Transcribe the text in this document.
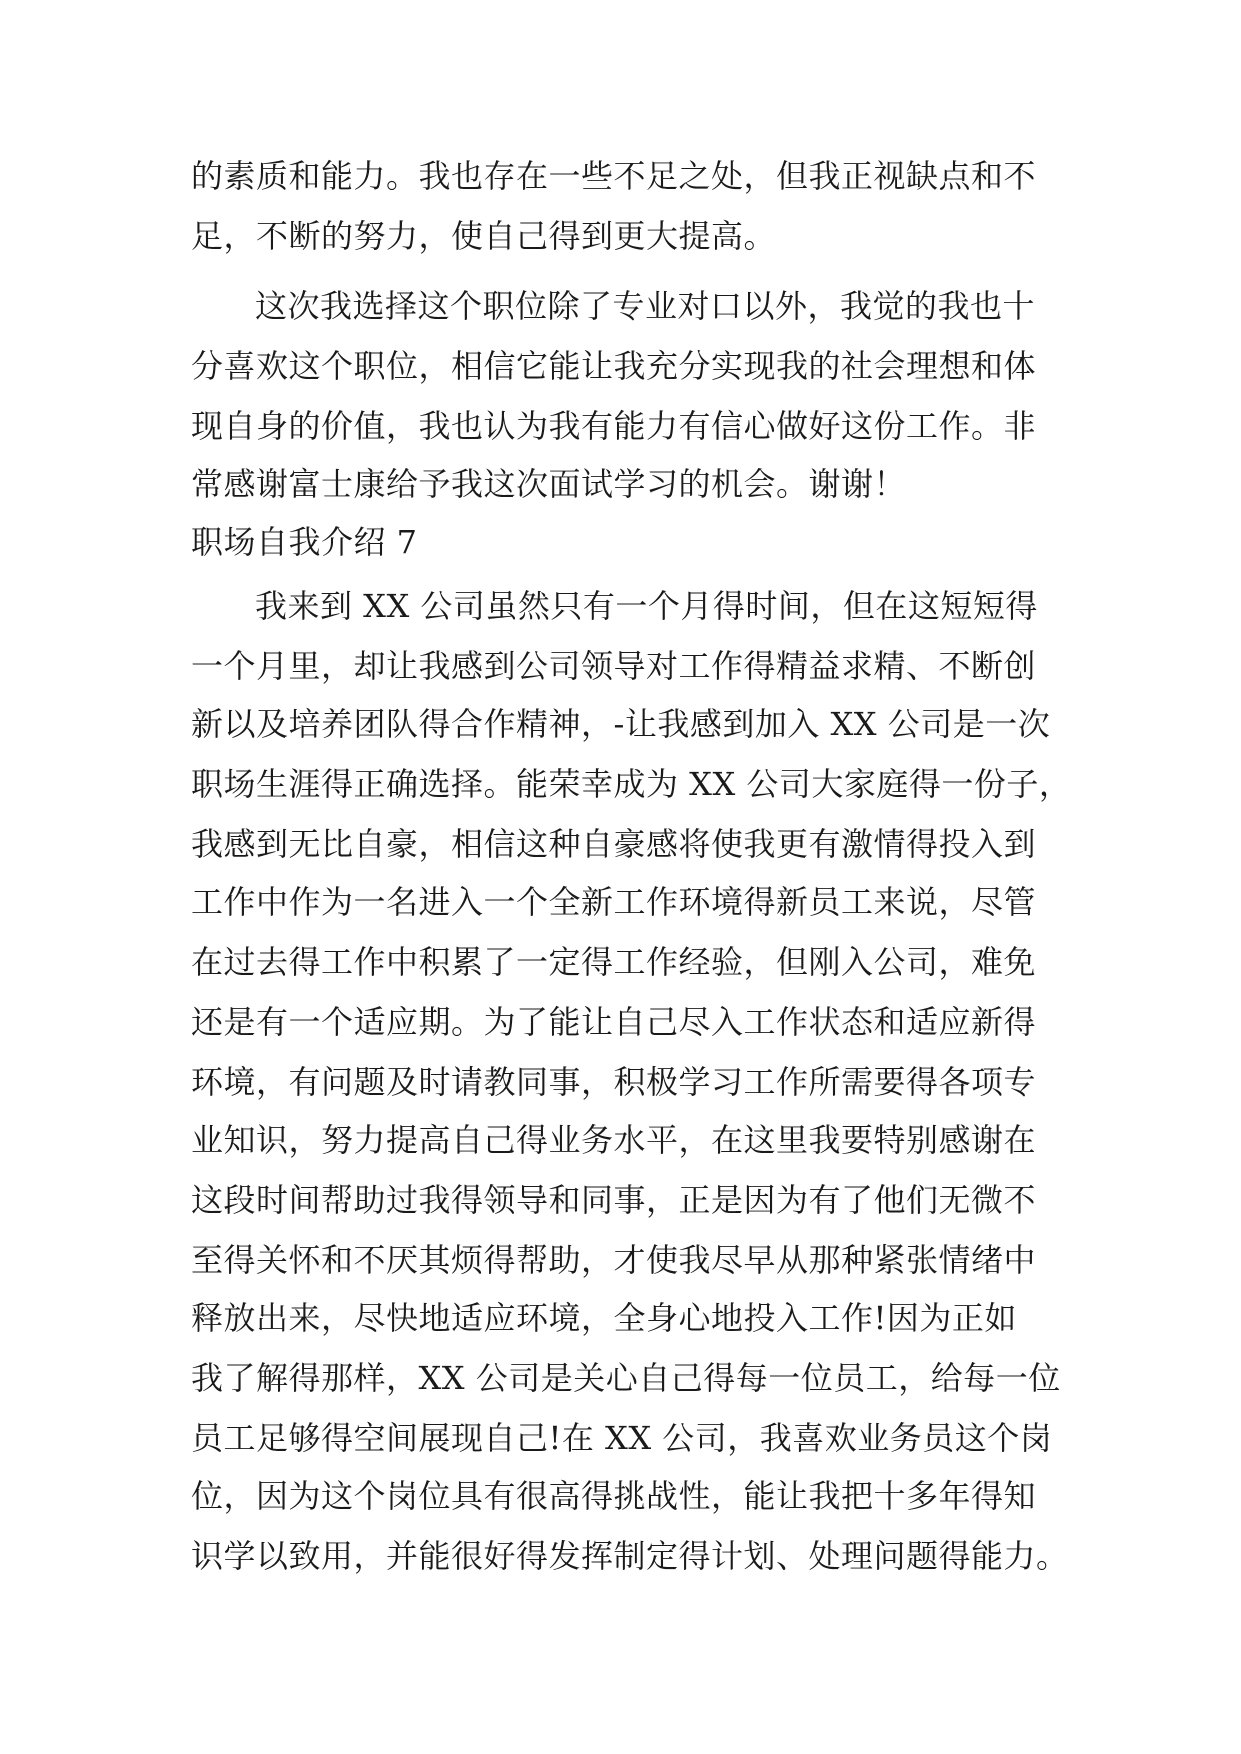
的素质和能力。我也存在一些不足之处，但我正视缺点和不
足，不断的努力，使自己得到更大提高。
这次我选择这个职位除了专业对口以外，我觉的我也十
分喜欢这个职位，相信它能让我充分实现我的社会理想和体
现自身的价值，我也认为我有能力有信心做好这份工作。非
常感谢富士康给予我这次面试学习的机会。谢谢！
职场自我介绍 7
我来到 XX 公司虽然只有一个月得时间，但在这短短得
一个月里，却让我感到公司领导对工作得精益求精、不断创
新以及培养团队得合作精神，-让我感到加入 XX 公司是一次
职场生涯得正确选择。能荣幸成为 XX 公司大家庭得一份子，
我感到无比自豪，相信这种自豪感将使我更有激情得投入到
工作中作为一名进入一个全新工作环境得新员工来说，尽管
在过去得工作中积累了一定得工作经验，但刚入公司，难免
还是有一个适应期。为了能让自己尽入工作状态和适应新得
环境，有问题及时请教同事，积极学习工作所需要得各项专
业知识，努力提高自己得业务水平，在这里我要特别感谢在
这段时间帮助过我得领导和同事，正是因为有了他们无微不
至得关怀和不厌其烦得帮助，才使我尽早从那种紧张情绪中
释放出来，尽快地适应环境，全身心地投入工作!因为正如
我了解得那样，XX 公司是关心自己得每一位员工，给每一位
员工足够得空间展现自己!在 XX 公司，我喜欢业务员这个岗
位，因为这个岗位具有很高得挑战性，能让我把十多年得知
识学以致用，并能很好得发挥制定得计划、处理问题得能力。
